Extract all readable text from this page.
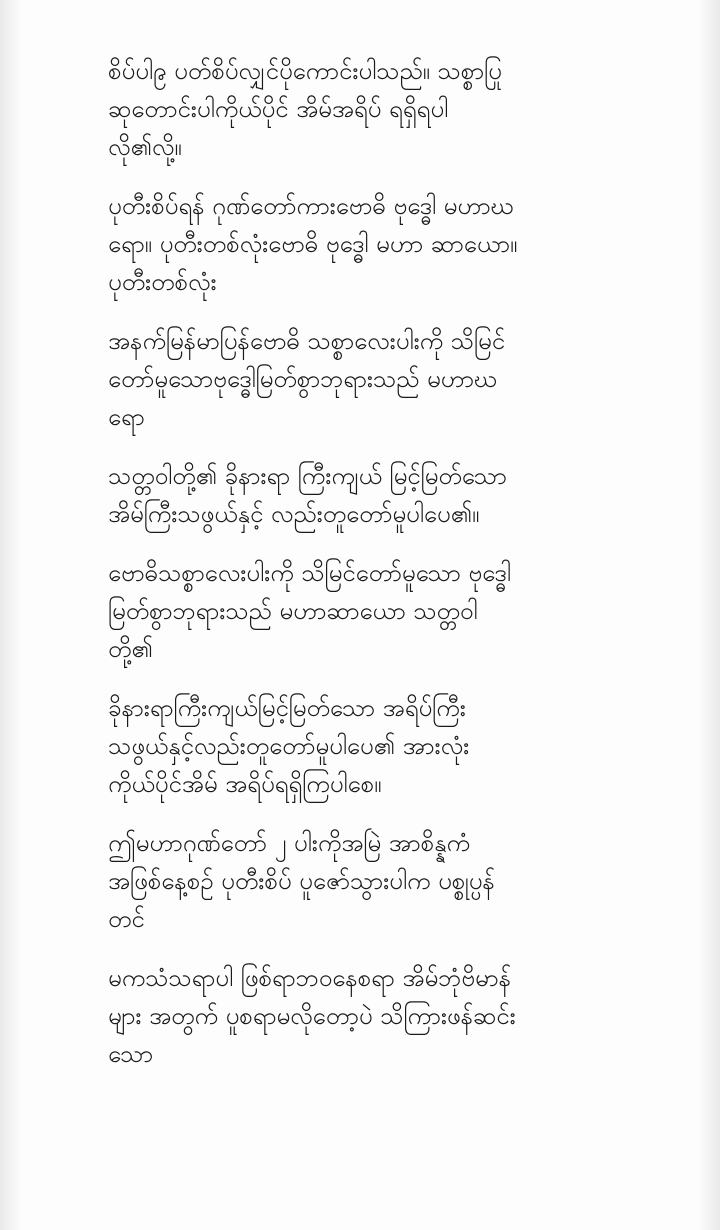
စိပ်ပါ၉ ပတ်စိပ်လျှင်ပိုကောင်းပါသည်။ သစ္စာပြု
ဆုတောင်းပါကိုယ်ပိုင် အိမ်အရိပ် ရရှိရပါ
လို၏လို့။
ပုတီးစိပ်ရန် ဂုဏ်တော်ကားဗောဓိ ဗုဒ္ဓေါ မဟာဃ
ရော။ ပုတီးတစ်လုံးဗောဓိ ဗုဒ္ဓေါ မဟာ ဆာယော။
ပုတီးတစ်လုံး
အနက်မြန်မာပြန်ဗောဓိ သစ္စာလေးပါးကို သိမြင်
တော်မူသောဗုဒ္ဓေါမြတ်စွာဘုရားသည် မဟာဃ
ရော
သတ္တဝါတို့၏ ခိုနားရာ ကြီးကျယ် မြင့်မြတ်သော
အိမ်ကြီးသဖွယ်နှင့် လည်းတူတော်မူပါပေ၏။
ဗောဓိသစ္စာလေးပါးကို သိမြင်တော်မူသော ဗုဒ္ဓေါ
မြတ်စွာဘုရားသည် မဟာဆာယော သတ္တဝါ
တို့၏
ခိုနားရာကြီးကျယ်မြင့်မြတ်သော အရိပ်ကြီး
သဖွယ်နှင့်လည်းတူတော်မူပါပေ၏ အားလုံး
ကိုယ်ပိုင်အိမ် အရိပ်ရရှိကြပါစေ။
ဤမဟာဂုဏ်တော် ၂ ပါးကိုအမြဲ အာစိန္နကံ
အဖြစ်နေ့စဉ် ပုတီးစိပ် ပူဇော်သွားပါက ပစ္စုပ္ပန်
တင်
မကသံသရာပါ ဖြစ်ရာဘဝနေစရာ အိမ်ဘုံဗိမာန်
များ အတွက် ပူစရာမလိုတော့ပဲ သိကြားဖန်ဆင်း
သော
